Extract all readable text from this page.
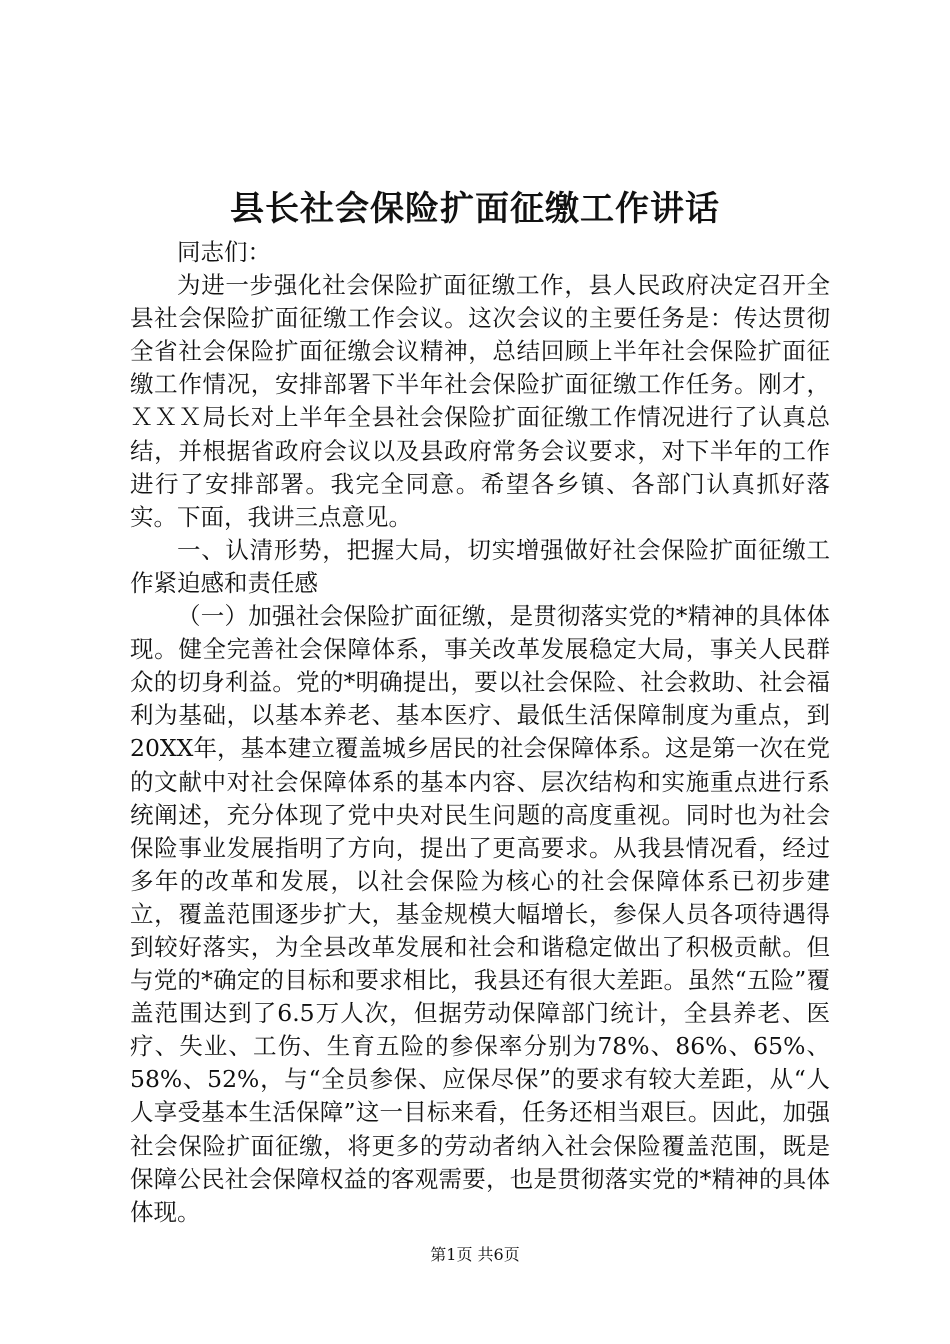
县长社会保险扩面征缴工作讲话

同志们：

为进一步强化社会保险扩面征缴工作，县人民政府决定召开全县社会保险扩面征缴工作会议。这次会议的主要任务是：传达贯彻全省社会保险扩面征缴会议精神，总结回顾上半年社会保险扩面征缴工作情况，安排部署下半年社会保险扩面征缴工作任务。刚才，ＸＸＸ局长对上半年全县社会保险扩面征缴工作情况进行了认真总结，并根据省政府会议以及县政府常务会议要求，对下半年的工作进行了安排部署。我完全同意。希望各乡镇、各部门认真抓好落实。下面，我讲三点意见。

一、认清形势，把握大局，切实增强做好社会保险扩面征缴工作紧迫感和责任感

（一）加强社会保险扩面征缴，是贯彻落实党的*精神的具体体现。健全完善社会保障体系，事关改革发展稳定大局，事关人民群众的切身利益。党的*明确提出，要以社会保险、社会救助、社会福利为基础，以基本养老、基本医疗、最低生活保障制度为重点，到20XX年，基本建立覆盖城乡居民的社会保障体系。这是第一次在党的文献中对社会保障体系的基本内容、层次结构和实施重点进行系统阐述，充分体现了党中央对民生问题的高度重视。同时也为社会保险事业发展指明了方向，提出了更高要求。从我县情况看，经过多年的改革和发展，以社会保险为核心的社会保障体系已初步建立，覆盖范围逐步扩大，基金规模大幅增长，参保人员各项待遇得到较好落实，为全县改革发展和社会和谐稳定做出了积极贡献。但与党的*确定的目标和要求相比，我县还有很大差距。虽然“五险”覆盖范围达到了6.5万人次，但据劳动保障部门统计，全县养老、医疗、失业、工伤、生育五险的参保率分别为78%、86%、65%、58%、52%，与“全员参保、应保尽保”的要求有较大差距，从“人人享受基本生活保障”这一目标来看，任务还相当艰巨。因此，加强社会保险扩面征缴，将更多的劳动者纳入社会保险覆盖范围，既是保障公民社会保障权益的客观需要，也是贯彻落实党的*精神的具体体现。

第1页 共6页
